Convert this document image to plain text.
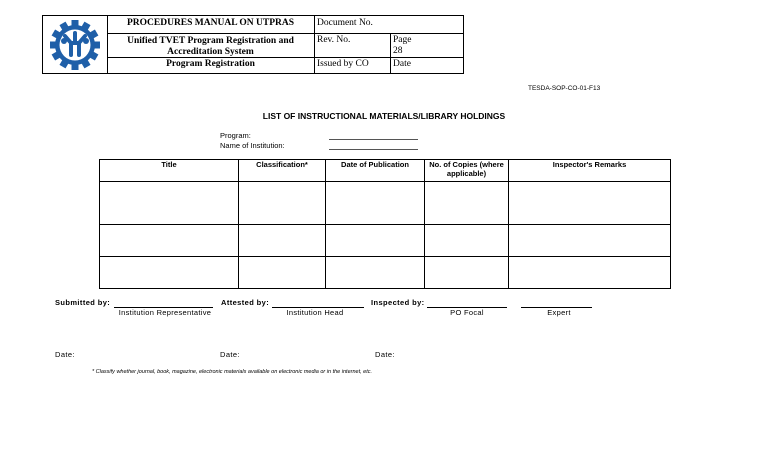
PROCEDURES MANUAL ON UTPRAS
Unified TVET Program Registration and Accreditation System
Program Registration
Document No.
Rev. No.	Page
28
Issued by CO	Date
TESDA-SOP-CO-01-F13
LIST OF INSTRUCTIONAL MATERIALS/LIBRARY HOLDINGS
Program:
Name of Institution:
Title	Classification*	Date of Publication	No. of Copies (where applicable)	Inspector's Remarks

Submitted by:
Institution Representative
Attested by:
Institution Head
Inspected by:
PO Focal	Expert
Date:	Date:	Date:
* Classify whether journal, book, magazine, electronic materials available on electronic media or in the internet, etc.
